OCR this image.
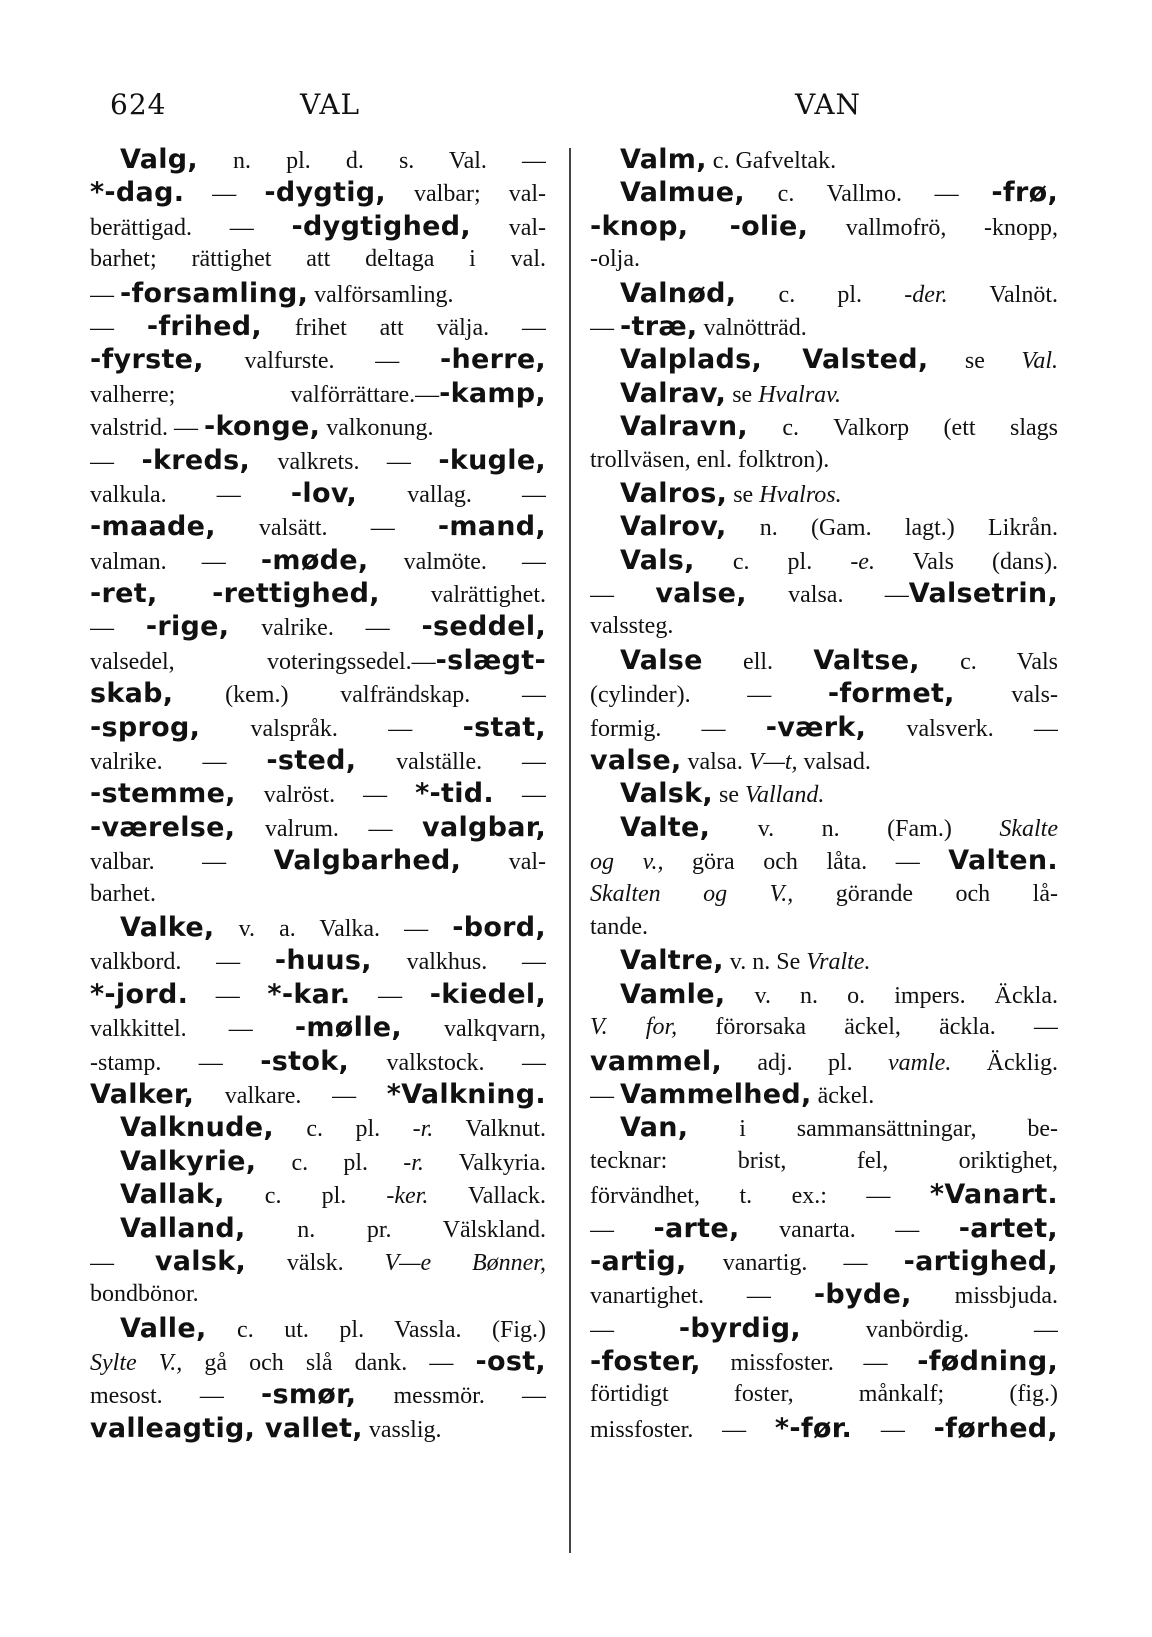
624	VAL	VAN
Valg, n. pl. d. s. Val. —
*-dag. — -dygtig, valbar; val-
berättigad. — -dygtighed, val-
barhet; rättighet att deltaga i val.
— -forsamling, valförsamling.
— -frihed, frihet att välja. —
-fyrste, valfurste. — -herre,
valherre; valförrättare.—-kamp,
valstrid. — -konge, valkonung.
— -kreds, valkrets. — -kugle,
valkula. — -lov, vallag. —
-maade, valsätt. — -mand,
valman. — -møde, valmöte. —
-ret, -rettighed, valrättighet.
— -rige, valrike. — -seddel,
valsedel, voteringssedel.—-slægt-
skab, (kem.) valfrändskap. —
-sprog, valspråk. — -stat,
valrike. — -sted, valställe. —
-stemme, valröst. — *-tid. —
-værelse, valrum. — valgbar,
valbar. — Valgbarhed, val-
barhet.
Valke, v. a. Valka. — -bord,
valkbord. — -huus, valkhus. —
*-jord. — *-kar. — -kiedel,
valkkittel. — -mølle, valkqvarn,
-stamp. — -stok, valkstock. —
Valker, valkare. — *Valkning.
Valknude, c. pl. -r. Valknut.
Valkyrie, c. pl. -r. Valkyria.
Vallak, c. pl. -ker. Vallack.
Valland, n. pr. Välskland.
— valsk, välsk. V—e Bønner,
bondbönor.
Valle, c. ut. pl. Vassla. (Fig.)
Sylte V., gå och slå dank. — -ost,
mesost. — -smør, messmör. —
valleagtig, vallet, vasslig.
Valm, c. Gafveltak.
Valmue, c. Vallmo. — -frø,
-knop, -olie, vallmofrö, -knopp,
-olja.
Valnød, c. pl. -der. Valnöt.
— -træ, valnötträd.
Valplads, Valsted, se Val.
Valrav, se Hvalrav.
Valravn, c. Valkorp (ett slags
trollväsen, enl. folktron).
Valros, se Hvalros.
Valrov, n. (Gam. lagt.) Likrån.
Vals, c. pl. -e. Vals (dans).
— valse, valsa. —Valsetrin,
valssteg.
Valse ell. Valtse, c. Vals
(cylinder). — -formet, vals-
formig. — -værk, valsverk. —
valse, valsa. V—t, valsad.
Valsk, se Valland.
Valte, v. n. (Fam.) Skalte
og v., göra och låta. — Valten.
Skalten og V., görande och lå-
tande.
Valtre, v. n. Se Vralte.
Vamle, v. n. o. impers. Äckla.
V. for, förorsaka äckel, äckla. —
vammel, adj. pl. vamle. Äcklig.
— Vammelhed, äckel.
Van, i sammansättningar, be-
tecknar: brist, fel, oriktighet,
förvändhet, t. ex.: — *Vanart.
— -arte, vanarta. — -artet,
-artig, vanartig. — -artighed,
vanartighet. — -byde, missbjuda.
— -byrdig, vanbördig. —
-foster, missfoster. — -fødning,
förtidigt foster, månkalf; (fig.)
missfoster. — *-før. — -førhed,
